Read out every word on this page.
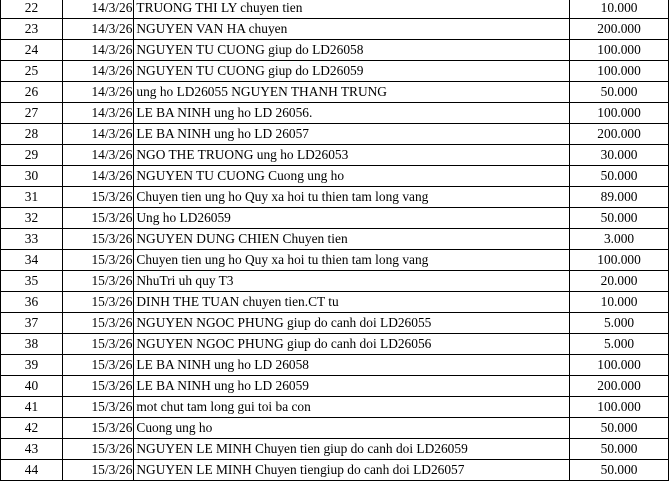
22	14/3/26	TRUONG THI LY chuyen tien	10.000
23	14/3/26	NGUYEN VAN HA chuyen	200.000
24	14/3/26	NGUYEN TU CUONG giup do LD26058	100.000
25	14/3/26	NGUYEN TU CUONG giup do LD26059	100.000
26	14/3/26	ung ho LD26055 NGUYEN THANH TRUNG	50.000
27	14/3/26	LE BA NINH ung ho LD 26056.	100.000
28	14/3/26	LE BA NINH ung ho LD 26057	200.000
29	14/3/26	NGO THE TRUONG ung ho LD26053	30.000
30	14/3/26	NGUYEN TU CUONG Cuong ung ho	50.000
31	15/3/26	Chuyen tien ung ho Quy xa hoi tu thien tam long vang	89.000
32	15/3/26	Ung ho LD26059	50.000
33	15/3/26	NGUYEN DUNG CHIEN Chuyen tien	3.000
34	15/3/26	Chuyen tien ung ho Quy xa hoi tu thien tam long vang	100.000
35	15/3/26	NhuTri uh quy T3	20.000
36	15/3/26	DINH THE TUAN chuyen tien.CT tu	10.000
37	15/3/26	NGUYEN NGOC PHUNG giup do canh doi LD26055	5.000
38	15/3/26	NGUYEN NGOC PHUNG giup do canh doi LD26056	5.000
39	15/3/26	LE BA NINH ung ho LD 26058	100.000
40	15/3/26	LE BA NINH ung ho LD 26059	200.000
41	15/3/26	mot chut tam long gui toi ba con	100.000
42	15/3/26	Cuong ung ho	50.000
43	15/3/26	NGUYEN LE MINH Chuyen tien giup do canh doi LD26059	50.000
44	15/3/26	NGUYEN LE MINH Chuyen tiengiup do canh doi LD26057	50.000
